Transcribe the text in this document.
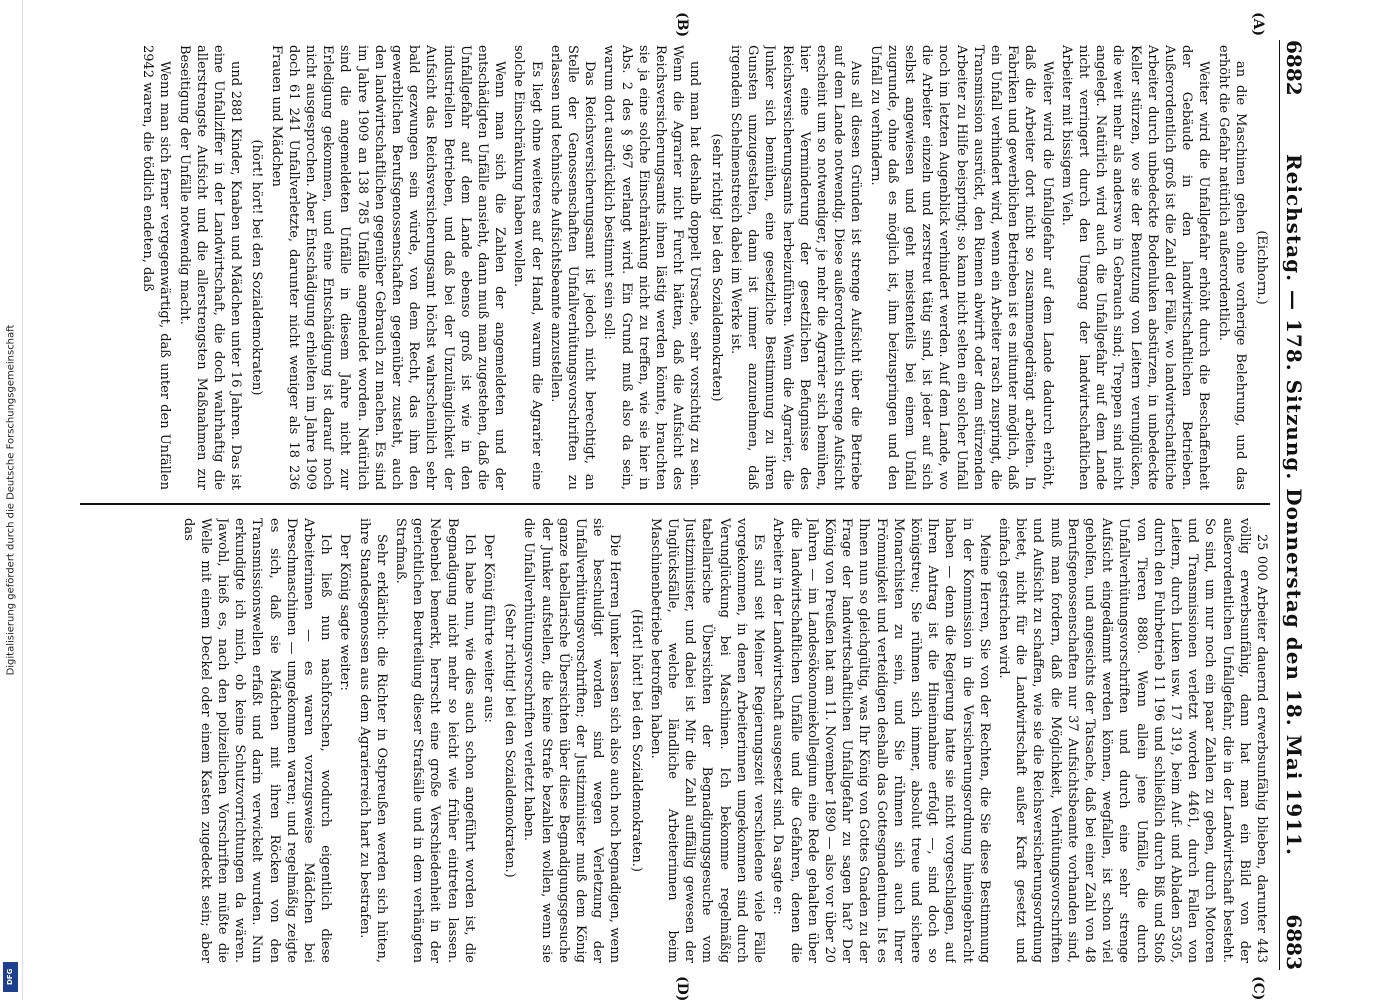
Digitalisierung gefördert durch die Deutsche Forschungsgemeinschaft
DFG
6882
Reichstag. — 178. Sitzung. Donnerstag den 18. Mai 1911.
6883
(A)
(B)
(C)
(D)

(Eichhorn.)

an die Maschinen gehen ohne vorherige Belehrung, und das erhöht die Gefahr natürlich außerordentlich.

Weiter wird die Unfallgefahr erhöht durch die Beschaffenheit der Gebäude in den landwirtschaftlichen Betrieben. Außerordentlich groß ist die Zahl der Fälle, wo landwirtschaftliche Arbeiter durch unbedeckte Bodenluken abstürzen, in unbedeckte Keller stürzen, wo sie der Benutzung von Leitern verunglücken, die weit mehr als anderswo in Gebrauch sind; Treppen sind nicht angelegt. Natürlich wird auch die Unfallgefahr auf dem Lande nicht verringert durch den Umgang der landwirtschaftlichen Arbeiter mit bissigem Vieh.

Weiter wird die Unfallgefahr auf dem Lande dadurch erhöht, daß die Arbeiter dort nicht so zusammengedrängt arbeiten. In Fabriken und gewerblichen Betrieben ist es mitunter möglich, daß ein Unfall verhindert wird, wenn ein Arbeiter rasch zuspringt, die Transmission ausrückt, den Riemen abwirft oder dem stürzenden Arbeiter zu Hilfe beispringt; so kann nicht selten ein solcher Unfall noch im letzten Augenblick verhindert werden. Auf dem Lande, wo die Arbeiter einzeln und zerstreut tätig sind, ist jeder auf sich selbst angewiesen und geht meistenteils bei einem Unfall zugrunde, ohne daß es möglich ist, ihm beizuspringen und den Unfall zu verhindern.

Aus all diesen Gründen ist strenge Aufsicht über die Betriebe auf dem Lande notwendig. Diese außerordentlich strenge Aufsicht erscheint um so notwendiger, je mehr die Agrarier sich bemühen, hier eine Verminderung der gesetzlichen Befugnisse des Reichsversicherungsamts herbeizuführen. Wenn die Agrarier, die Junker sich bemühen, eine gesetzliche Bestimmung zu ihren Gunsten umzugestalten, dann ist immer anzunehmen, daß irgendein Schelmenstreich dabei im Werke ist.

(sehr richtig! bei den Sozialdemokraten)

und man hat deshalb doppelt Ursache, sehr vorsichtig zu sein. Wenn die Agrarier nicht Furcht hätten, daß die Aufsicht des Reichsversicherungsamts ihnen lästig werden könnte, brauchten sie ja eine solche Einschränkung nicht zu treffen, wie sie hier in Abs. 2 des § 967 verlangt wird. Ein Grund muß also da sein, warum dort ausdrücklich bestimmt sein soll:

Das Reichsversicherungsamt ist jedoch nicht berechtigt, an Stelle der Genossenschaften Unfallverhütungsvorschriften zu erlassen und technische Aufsichtsbeamte anzustellen.

Es liegt ohne weiteres auf der Hand, warum die Agrarier eine solche Einschränkung haben wollen.

Wenn man sich die Zahlen der angemeldeten und der entschädigten Unfälle ansieht, dann muß man zugestehen, daß die Unfallgefahr auf dem Lande ebenso groß ist wie in den industriellen Betrieben, und daß bei der Unzulänglichkeit der Aufsicht das Reichsversicherungsamt höchst wahrscheinlich sehr bald gezwungen sein würde, von dem Recht, das ihm den gewerblichen Berufsgenossenschaften gegenüber zusteht, auch den landwirtschaftlichen gegenüber Gebrauch zu machen. Es sind im Jahre 1909 an 138 785 Unfälle angemeldet worden. Natürlich sind die angemeldeten Unfälle in diesem Jahre nicht zur Erledigung gekommen, und eine Entschädigung ist darauf noch nicht ausgesprochen. Aber Entschädigung erhielten im Jahre 1909 doch 61 241 Unfallverletzte, darunter nicht weniger als 18 236 Frauen und Mädchen

(hört! hört! bei den Sozialdemokraten)

und 2881 Kinder, Knaben und Mädchen unter 16 Jahren. Das ist eine Unfallziffer in der Landwirtschaft, die doch wahrhaftig die allerstrengste Aufsicht und die allerstrengsten Maßnahmen zur Beseitigung der Unfälle notwendig macht.

Wenn man sich ferner vergegenwärtigt, daß unter den Unfällen 2942 waren, die tödlich endeten, daß

25 000 Arbeiter dauernd erwerbsunfähig blieben, darunter 443 völlig erwerbsunfähig, dann hat man ein Bild von der außerordentlichen Unfallgefahr, die in der Landwirtschaft besteht. So sind, um nur noch ein paar Zahlen zu geben, durch Motoren und Transmissionen verletzt worden 4461, durch Fallen von Leitern, durch Luken usw. 17 319, beim Auf- und Abladen 5305, durch den Fuhrbetrieb 11 196 und schließlich durch Biß und Stoß von Tieren 8880. Wenn allein jene Unfälle, die durch Unfallverhütungsvorschriften und durch eine sehr strenge Aufsicht eingedämmt werden können, wegfallen, ist schon viel geholfen, und angesichts der Tatsache, daß bei einer Zahl von 48 Berufsgenossenschaften nur 37 Aufsichtsbeamte vorhanden sind, muß man fordern, daß die Möglichkeit, Verhütungsvorschriften und Aufsicht zu schaffen, wie sie die Reichsversicherungsordnung bietet, nicht für die Landwirtschaft außer Kraft gesetzt und einfach gestrichen wird.

Meine Herren, Sie von der Rechten, die Sie diese Bestimmung in der Kommission in die Versicherungsordnung hineingebracht haben — denn die Regierung hatte sie nicht vorgeschlagen, auf Ihren Antrag ist die Hineinnahme erfolgt —, sind doch so königstreu; Sie rühmen sich immer, absolut treue und sichere Monarchisten zu sein, und Sie rühmen sich auch Ihrer Frömmigkeit und verteidigen deshalb das Gottesgnadentum. Ist es Ihnen nun so gleichgültig, was Ihr König von Gottes Gnaden zu der Frage der landwirtschaftlichen Unfallgefahr zu sagen hat? Der König von Preußen hat am 11. November 1890 — also vor über 20 Jahren — im Landesökonomiekollegium eine Rede gehalten über die landwirtschaftlichen Unfälle und die Gefahren, denen die Arbeiter in der Landwirtschaft ausgesetzt sind. Da sagte er:

Es sind seit Meiner Regierungszeit verschiedene viele Fälle vorgekommen, in denen Arbeiterinnen umgekommen sind durch Verunglückung bei Maschinen. Ich bekomme regelmäßig tabellarische Übersichten der Begnadigungsgesuche vom Justizminister, und dabei ist Mir die Zahl auffällig gewesen der Unglücksfälle, welche ländliche Arbeiterinnen beim Maschinenbetriebe betroffen haben.

(Hört! hört! bei den Sozialdemokraten.)

Die Herren Junker lassen sich also auch noch begnadigen, wenn sie beschuldigt worden sind wegen Verletzung der Unfallverhütungsvorschriften; der Justizminister muß dem König ganze tabellarische Übersichten über diese Begnadigungsgesuche der Junker aufstellen, die keine Strafe bezahlen wollen, wenn sie die Unfallverhütungsvorschriften verletzt haben.

(Sehr richtig! bei den Sozialdemokraten.)

Der König führte weiter aus:

Ich habe nun, wie dies auch schon angeführt worden ist, die Begnadigung nicht mehr so leicht wie früher eintreten lassen. Nebenbei bemerkt, herrscht eine große Verschiedenheit in der gerichtlichen Beurteilung dieser Strafsälle und in dem verhängten Strafmaß.

Sehr erklärlich: die Richter in Ostpreußen werden sich hüten, ihre Standesgenossen aus dem Agrarierreich hart zu bestrafen.

Der König sagte weiter:

Ich ließ nun nachforschen, wodurch eigentlich diese Arbeiterinnen — es waren vorzugsweise Mädchen bei Dreschmaschinen — umgekommen waren; und regelmäßig zeigte es sich, daß sie Mädchen mit ihren Röcken von den Transmissionswellen erfaßt und darin verwickelt wurden. Nun erkundigte ich mich, ob keine Schutzvorrichtungen da wären. Jawohl, hieß es, nach den polizeilichen Vorschriften müßte die Welle mit einem Deckel oder einem Kasten zugedeckt sein; aber das
